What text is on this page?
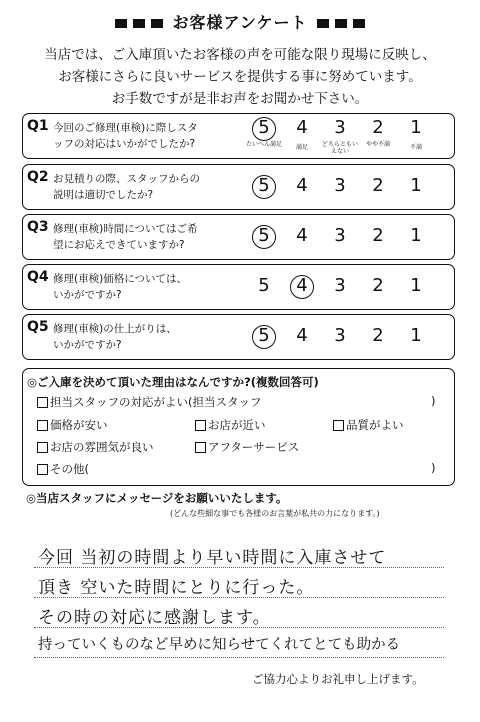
お客様アンケート
当店では、ご入庫頂いたお客様の声を可能な限り現場に反映し、
お客様にさらに良いサービスを提供する事に努めています。
お手数ですが是非お声をお聞かせ下さい。
Q1 今回のご修理(車検)に際しスタ
ッフの対応はいかがでしたか?
5	4	3	2	1
たいへん満足	満足	どちらともいえない
やや不満	不満
Q2 お見積りの際、スタッフからの
説明は適切でしたか?	5	4	3	2	1
Q3 修理(車検)時間についてはご希
望にお応えできていますか?	5	4	3	2	1
Q4 修理(車検)価格については、
いかがですか?	5	4	3	2	1
Q5 修理(車検)の仕上がりは、
いかがですか?	5	4	3	2	1
◎ご入庫を決めて頂いた理由はなんですか?(複数回答可)
担当スタッフの対応がよい(担当スタッフ	)
価格が安い	お店が近い	品質がよい
お店の雰囲気が良い	アフターサービス
その他(	)
◎当店スタッフにメッセージをお願いいたします。
(どんな些細な事でも各様のお言葉が私共の力になります。)
今回 当初の時間より早い時間に入庫させて
頂き 空いた時間にとりに行った。
その時の対応に感謝します。
持っていくものなど早めに知らせてくれてとても助かる
ご協力心よりお礼申し上げます。
